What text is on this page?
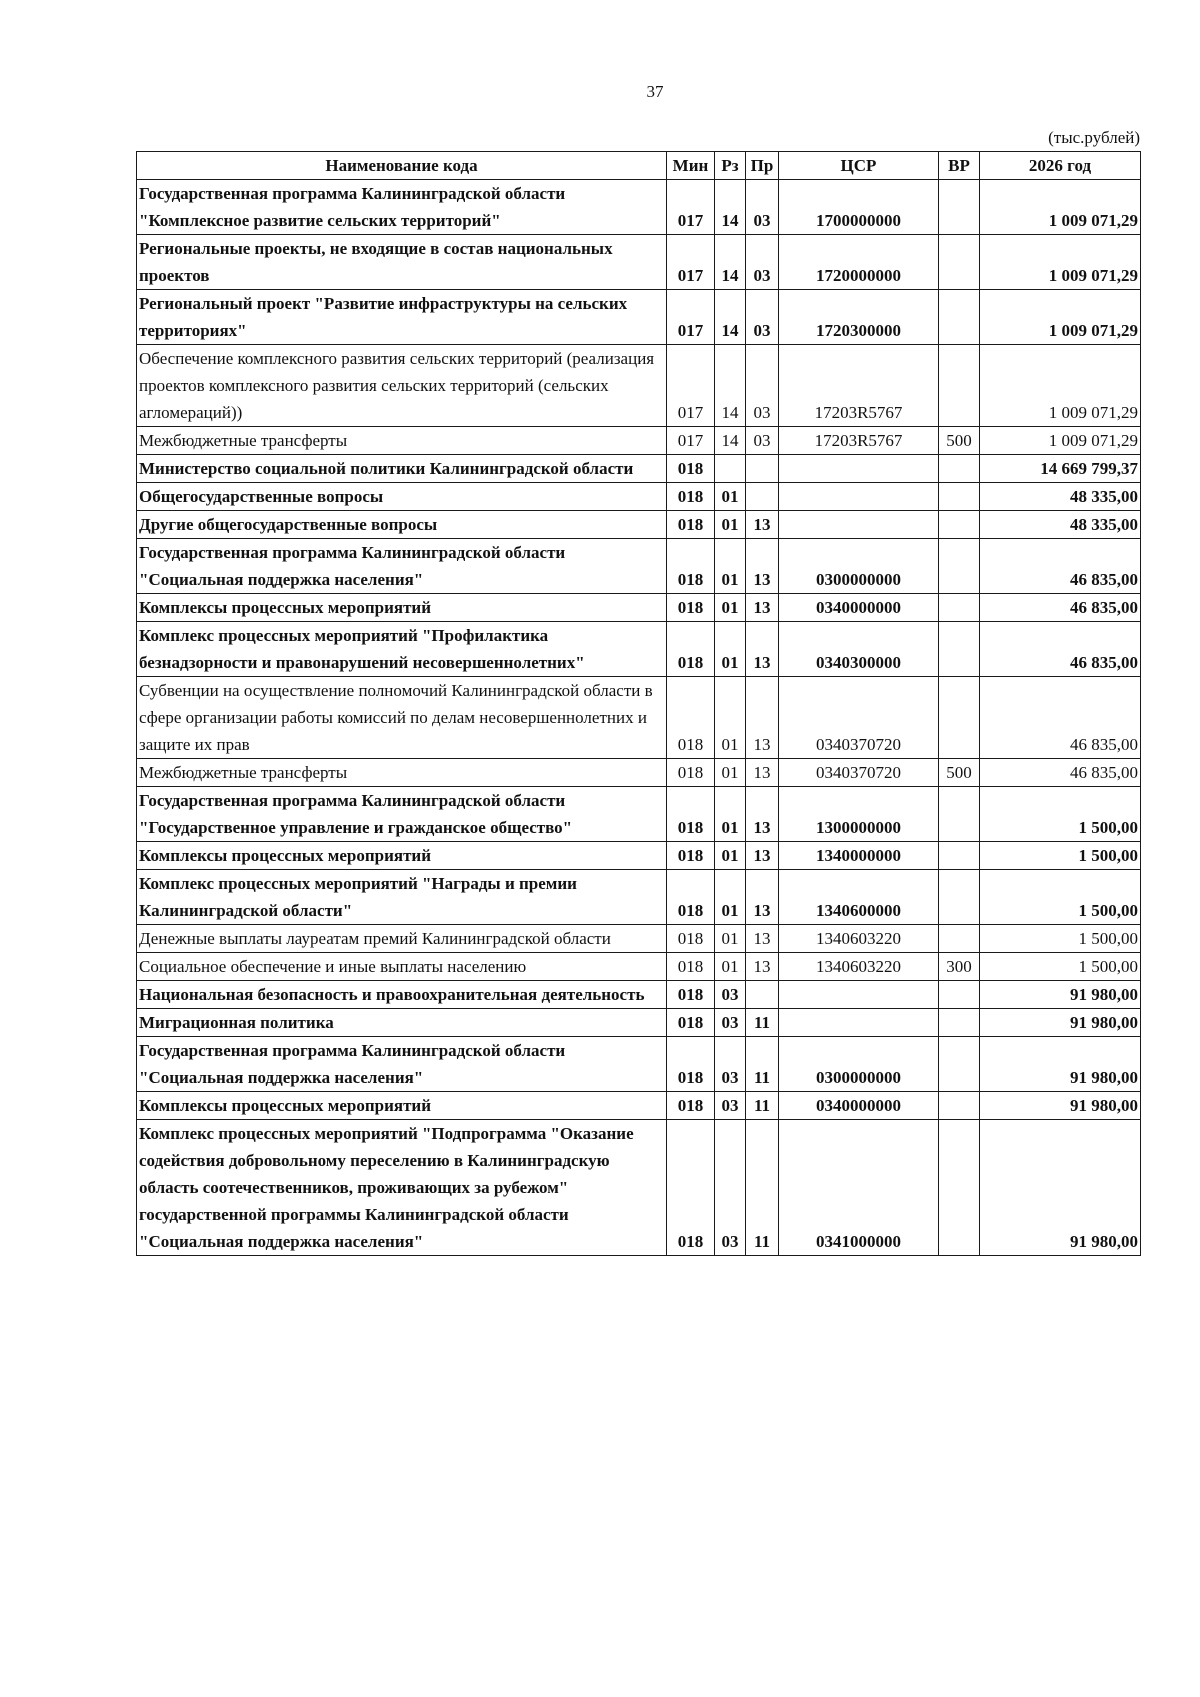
37
(тыс.рублей)
Наименование кода	Мин	Рз	Пр	ЦСР	ВР	2026 год
Государственная программа Калининградской области "Комплексное развитие сельских территорий"	017	14	03	1700000000		1 009 071,29
Региональные проекты, не входящие в состав национальных проектов	017	14	03	1720000000		1 009 071,29
Региональный проект "Развитие инфраструктуры на сельских территориях"	017	14	03	1720300000		1 009 071,29
Обеспечение комплексного развития сельских территорий (реализация проектов комплексного развития сельских территорий (сельских агломераций))	017	14	03	17203R5767		1 009 071,29
Межбюджетные трансферты	017	14	03	17203R5767	500	1 009 071,29
Министерство социальной политики Калининградской области	018					14 669 799,37
Общегосударственные вопросы	018	01				48 335,00
Другие общегосударственные вопросы	018	01	13			48 335,00
Государственная программа Калининградской области "Социальная поддержка населения"	018	01	13	0300000000		46 835,00
Комплексы процессных мероприятий	018	01	13	0340000000		46 835,00
Комплекс процессных мероприятий "Профилактика безнадзорности и правонарушений несовершеннолетних"	018	01	13	0340300000		46 835,00
Субвенции на осуществление полномочий Калининградской области в сфере организации работы комиссий по делам несовершеннолетних и защите их прав	018	01	13	0340370720		46 835,00
Межбюджетные трансферты	018	01	13	0340370720	500	46 835,00
Государственная программа Калининградской области "Государственное управление и гражданское общество"	018	01	13	1300000000		1 500,00
Комплексы процессных мероприятий	018	01	13	1340000000		1 500,00
Комплекс процессных мероприятий "Награды и премии Калининградской области"	018	01	13	1340600000		1 500,00
Денежные выплаты лауреатам премий Калининградской области	018	01	13	1340603220		1 500,00
Социальное обеспечение и иные выплаты населению	018	01	13	1340603220	300	1 500,00
Национальная безопасность и правоохранительная деятельность	018	03				91 980,00
Миграционная политика	018	03	11			91 980,00
Государственная программа Калининградской области "Социальная поддержка населения"	018	03	11	0300000000		91 980,00
Комплексы процессных мероприятий	018	03	11	0340000000		91 980,00
Комплекс процессных мероприятий "Подпрограмма "Оказание содействия добровольному переселению в Калининградскую область соотечественников, проживающих за рубежом" государственной программы Калининградской области "Социальная поддержка населения"	018	03	11	0341000000		91 980,00
